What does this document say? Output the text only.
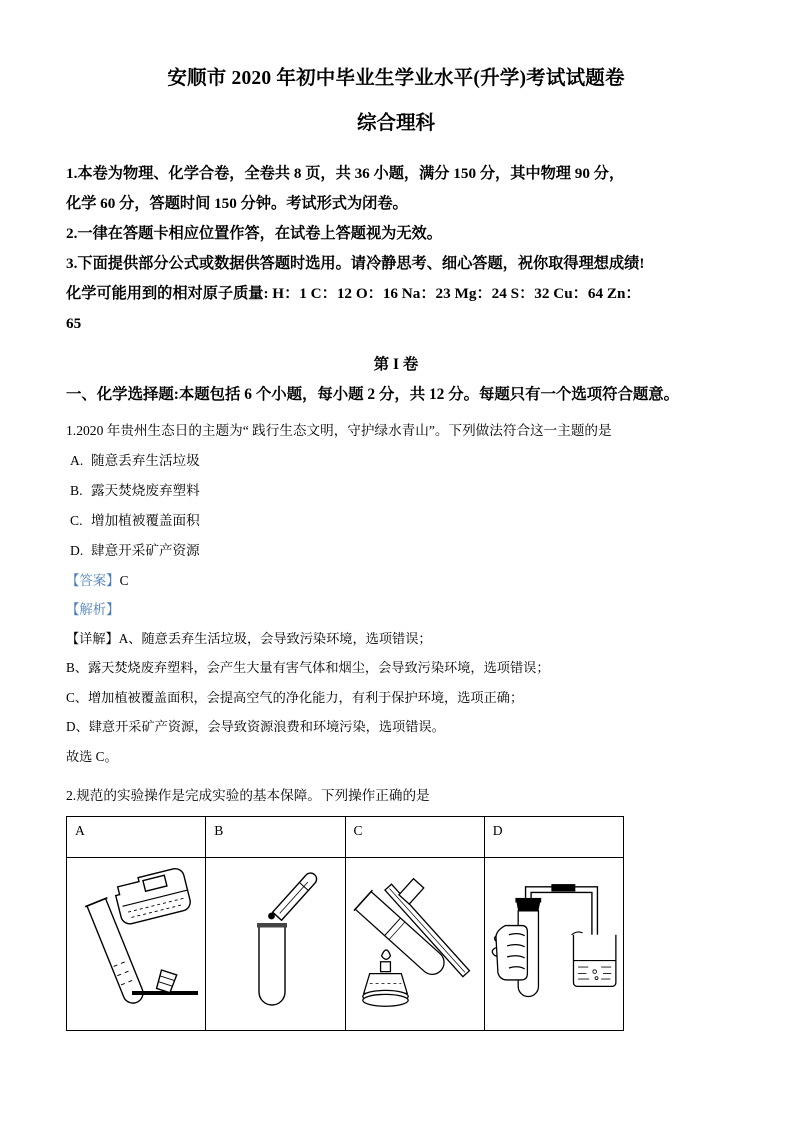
安顺市 2020 年初中毕业生学业水平(升学)考试试题卷
综合理科
1.本卷为物理、化学合卷，全卷共 8 页，共 36 小题，满分 150 分，其中物理 90 分，
化学 60 分，答题时间 150 分钟。考试形式为闭卷。
2.一律在答题卡相应位置作答，在试卷上答题视为无效。
3.下面提供部分公式或数据供答题时选用。请冷静思考、细心答题，祝你取得理想成绩!
化学可能用到的相对原子质量: H：1 C：12 O：16 Na：23 Mg：24 S：32 Cu：64 Zn：
65
第 I 卷
一、化学选择题:本题包括 6 个小题，每小题 2 分，共 12 分。每题只有一个选项符合题意。
1.2020 年贵州生态日的主题为“ 践行生态文明，守护绿水青山”。下列做法符合这一主题的是
A. 随意丢弃生活垃圾
B. 露天焚烧废弃塑料
C. 增加植被覆盖面积
D. 肆意开采矿产资源
【答案】C
【解析】
【详解】A、随意丢弃生活垃圾，会导致污染环境，选项错误；
B、露天焚烧废弃塑料，会产生大量有害气体和烟尘，会导致污染环境，选项错误；
C、增加植被覆盖面积，会提高空气的净化能力，有利于保护环境，选项正确；
D、肆意开采矿产资源，会导致资源浪费和环境污染，选项错误。
故选 C。
2.规范的实验操作是完成实验的基本保障。下列操作正确的是
A	B	C	D
